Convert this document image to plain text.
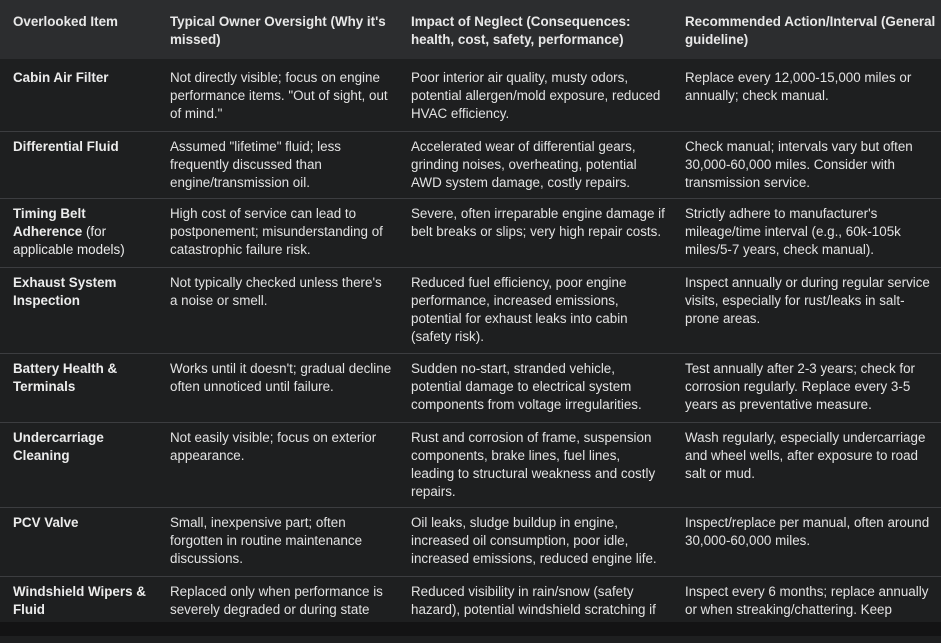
Overlooked Item	Typical Owner Oversight (Why it's missed)	Impact of Neglect (Consequences: health, cost, safety, performance)	Recommended Action/Interval (General guideline)
Cabin Air Filter	Not directly visible; focus on engine performance items. "Out of sight, out of mind."	Poor interior air quality, musty odors, potential allergen/mold exposure, reduced HVAC efficiency.	Replace every 12,000-15,000 miles or annually; check manual.
Differential Fluid	Assumed "lifetime" fluid; less frequently discussed than engine/transmission oil.	Accelerated wear of differential gears, grinding noises, overheating, potential AWD system damage, costly repairs.	Check manual; intervals vary but often 30,000-60,000 miles. Consider with transmission service.
Timing Belt Adherence (for applicable models)	High cost of service can lead to postponement; misunderstanding of catastrophic failure risk.	Severe, often irreparable engine damage if belt breaks or slips; very high repair costs.	Strictly adhere to manufacturer's mileage/time interval (e.g., 60k-105k miles/5-7 years, check manual).
Exhaust System Inspection	Not typically checked unless there's a noise or smell.	Reduced fuel efficiency, poor engine performance, increased emissions, potential for exhaust leaks into cabin (safety risk).	Inspect annually or during regular service visits, especially for rust/leaks in salt-prone areas.
Battery Health & Terminals	Works until it doesn't; gradual decline often unnoticed until failure.	Sudden no-start, stranded vehicle, potential damage to electrical system components from voltage irregularities.	Test annually after 2-3 years; check for corrosion regularly. Replace every 3-5 years as preventative measure.
Undercarriage Cleaning	Not easily visible; focus on exterior appearance.	Rust and corrosion of frame, suspension components, brake lines, fuel lines, leading to structural weakness and costly repairs.	Wash regularly, especially undercarriage and wheel wells, after exposure to road salt or mud.
PCV Valve	Small, inexpensive part; often forgotten in routine maintenance discussions.	Oil leaks, sludge buildup in engine, increased oil consumption, poor idle, increased emissions, reduced engine life.	Inspect/replace per manual, often around 30,000-60,000 miles.
Windshield Wipers & Fluid	Replaced only when performance is severely degraded or during state	Reduced visibility in rain/snow (safety hazard), potential windshield scratching if	Inspect every 6 months; replace annually or when streaking/chattering. Keep
